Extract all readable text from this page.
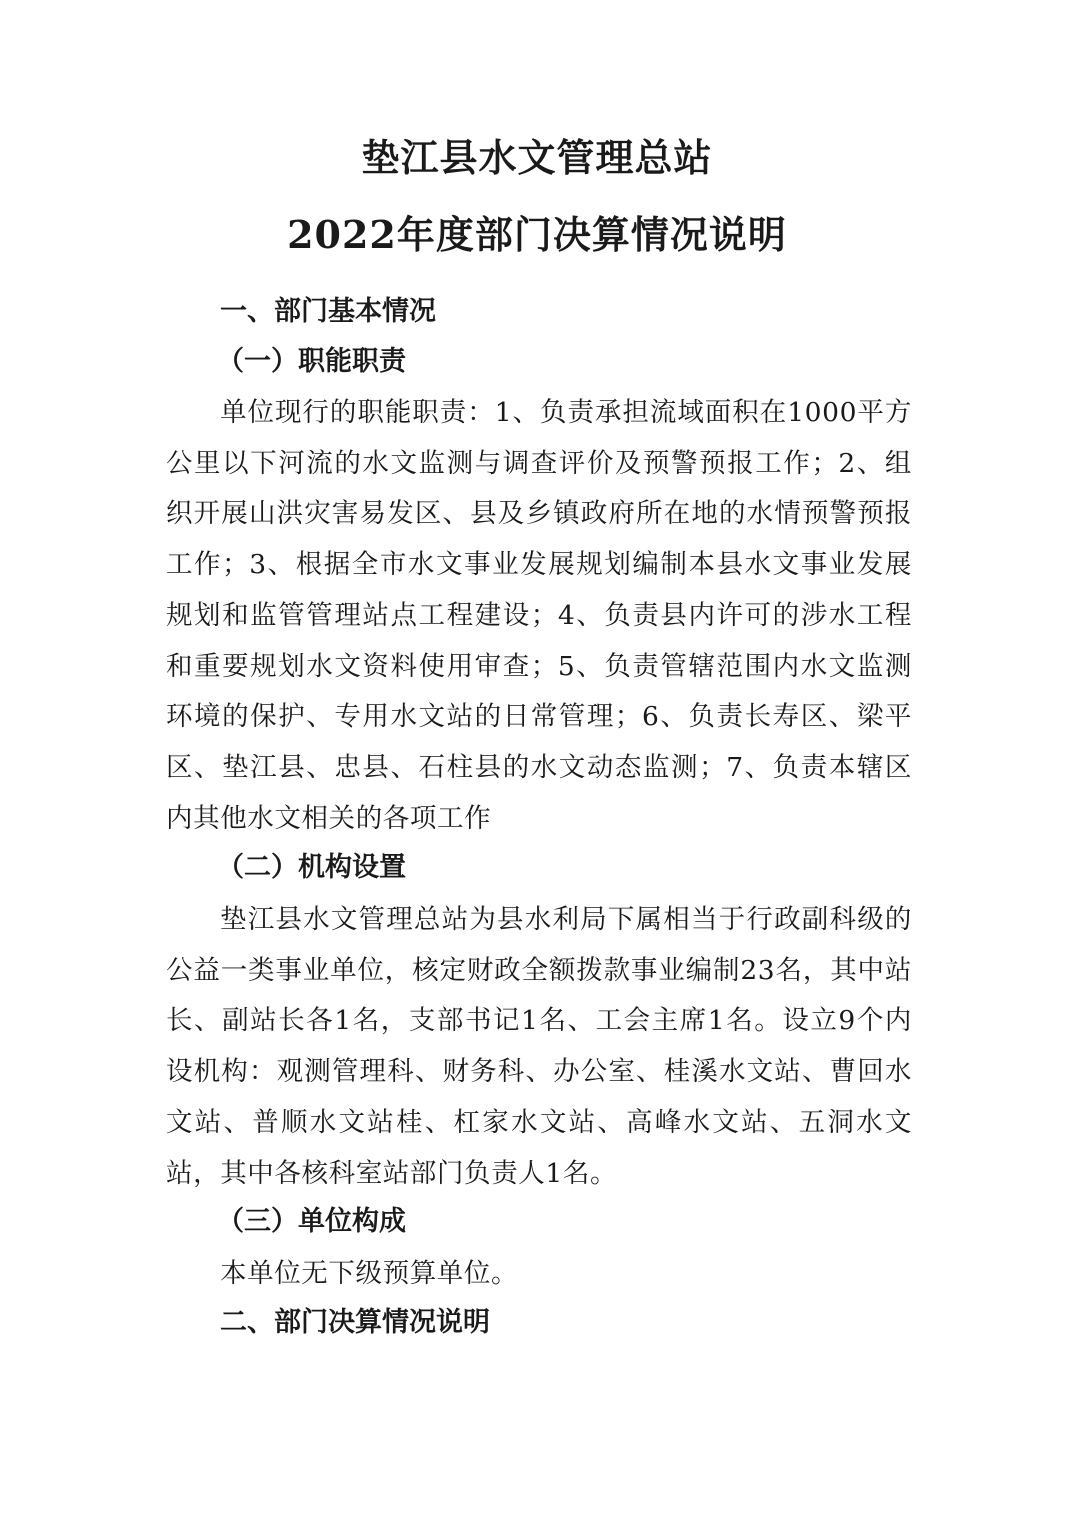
垫江县水文管理总站
2022年度部门决算情况说明
一、部门基本情况
（一）职能职责

单位现行的职能职责：1、负责承担流域面积在1000平方公里以下河流的水文监测与调查评价及预警预报工作；2、组织开展山洪灾害易发区、县及乡镇政府所在地的水情预警预报工作；3、根据全市水文事业发展规划编制本县水文事业发展规划和监管管理站点工程建设；4、负责县内许可的涉水工程和重要规划水文资料使用审查；5、负责管辖范围内水文监测环境的保护、专用水文站的日常管理；6、负责长寿区、梁平区、垫江县、忠县、石柱县的水文动态监测；7、负责本辖区内其他水文相关的各项工作

（二）机构设置

垫江县水文管理总站为县水利局下属相当于行政副科级的公益一类事业单位，核定财政全额拨款事业编制23名，其中站长、副站长各1名，支部书记1名、工会主席1名。设立9个内设机构：观测管理科、财务科、办公室、桂溪水文站、曹回水文站、普顺水文站桂、杠家水文站、高峰水文站、五洞水文站，其中各核科室站部门负责人1名。

（三）单位构成

本单位无下级预算单位。

二、部门决算情况说明
